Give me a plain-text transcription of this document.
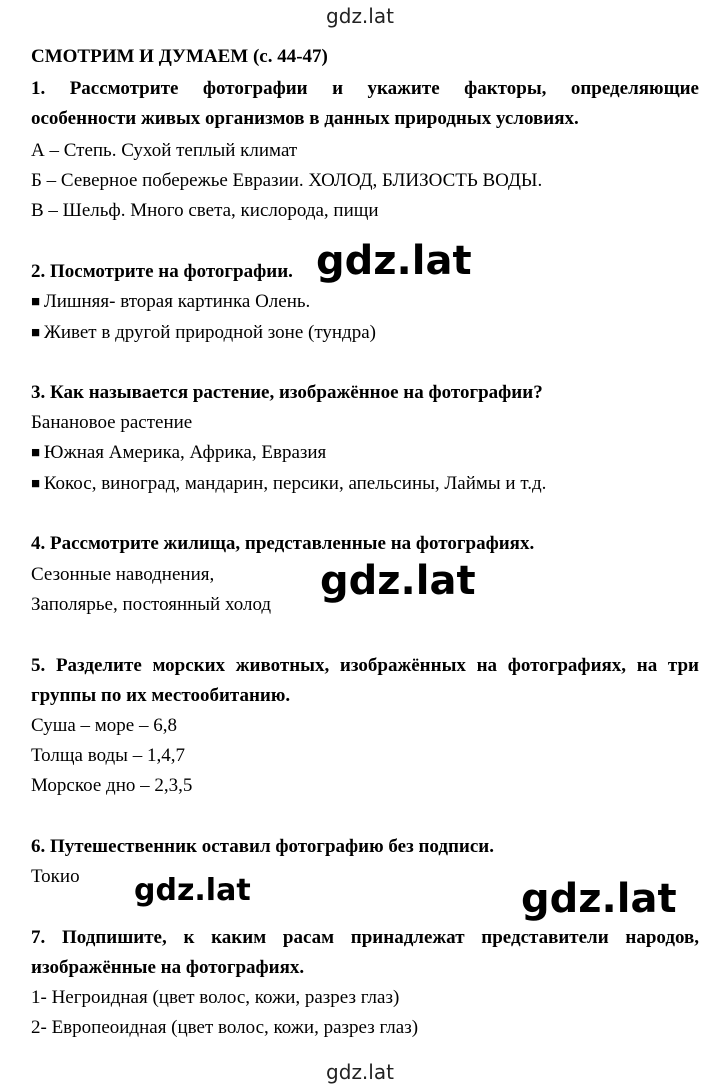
gdz.lat
СМОТРИМ И ДУМАЕМ (с. 44-47)
1. Рассмотрите фотографии и укажите факторы, определяющие
особенности живых организмов в данных природных условиях.
А – Степь. Сухой теплый климат
Б – Северное побережье Евразии. ХОЛОД, БЛИЗОСТЬ ВОДЫ.
В – Шельф. Много света, кислорода, пищи
2. Посмотрите на фотографии.
■ Лишняя- вторая картинка Олень.
■ Живет в другой природной зоне (тундра)
3. Как называется растение, изображённое на фотографии?
Банановое растение
■ Южная Америка, Африка, Евразия
■ Кокос, виноград, мандарин, персики, апельсины, Лаймы и т.д.
4. Рассмотрите жилища, представленные на фотографиях.
Сезонные наводнения,
Заполярье, постоянный холод
5. Разделите морских животных, изображённых на фотографиях, на три
группы по их местообитанию.
Суша – море – 6,8
Толща воды – 1,4,7
Морское дно – 2,3,5
6. Путешественник оставил фотографию без подписи.
Токио
7. Подпишите, к каким расам принадлежат представители народов,
изображённые на фотографиях.
1- Негроидная (цвет волос, кожи, разрез глаз)
2- Европеоидная (цвет волос, кожи, разрез глаз)
gdz.lat
gdz.lat
gdz.lat	gdz.lat
gdz.lat
